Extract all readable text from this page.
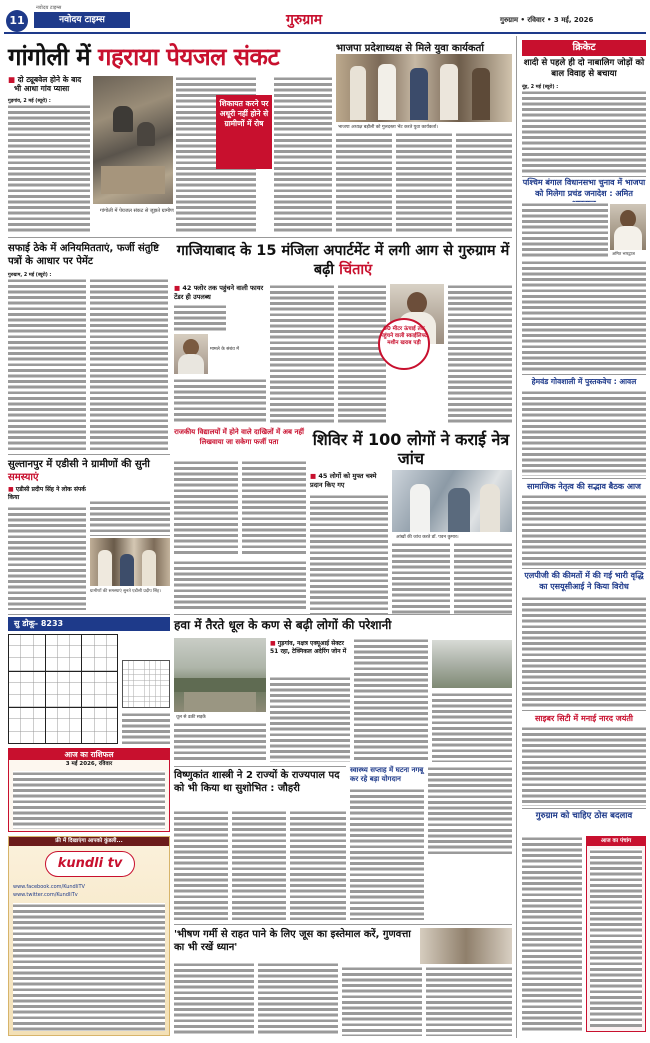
11
नवोदय टाइम्स
नवोदय टाइम्स	गुरुग्राम	गुरुग्राम • रविवार • 3 मई, 2026
गांगोली में गहराया पेयजल संकट
■ दो ट्यूबवेल होने के बाद
भी आधा गांव प्यासा
गुड़गांव, 2 मई (ब्यूरो) :
गांगोली में पेयजल संकट से जूझते ग्रामीण
शिकायत करने पर अधूरी नहीं होने से ग्रामीणों में रोष
भाजपा प्रदेशाध्यक्ष से मिले युवा कार्यकर्ता
भाजपा अध्यक्ष बड़ौली को गुलदस्ता भेंट करते युवा कार्यकर्ता।
क्रिकेट
शादी से पहले ही दो नाबालिग जोड़ों को बाल विवाह से बचाया
नूंह, 2 मई (ब्यूरो) :
पश्चिम बंगाल विधानसभा चुनाव में भाजपा को मिलेगा प्रचंड जनादेश : अमित
अमित भारद्वाज
हेमवंड गोवशाली में पुस्तकवेच : आवल
सामाजिक नेतृत्व की सद्भाव बैठक आज
एलपीजी की कीमतों में की गई भारी वृद्धि का एसयूसीआई ने किया विरोध
साइबर सिटी में मनाई नारद जयंती
गुरुग्राम को चाहिए ठोस बदलाव
आज का पंचांग
सफाई ठेके में अनियमितताएं, फर्जी संतुष्टि पत्रों के आधार पर पेमेंट
गुरुग्राम, 2 मई (ब्यूरो) :
गाजियाबाद के 15 मंजिला अपार्टमेंट में लगी आग से गुरुग्राम में बढ़ी चिंताएं
■ 42 फ्लोर तक पहुंचने वाली फायर टेंडर ही उपलब्ध
मामले के संबंध में
60 मीटर ऊंचाई तक पहुंचने वाली स्काईलिफ्ट मशीन खराब पड़ी
राजकीय विद्यालयों में होने वाले दाखिलों में अब नहीं लिखवाया जा सकेगा फर्जी पता	शिविर में 100 लोगों ने कराई नेत्र जांच
■ 45 लोगों को मुफ्त चश्मे प्रदान किए गए
आंखों की जांच करते डॉ. पवन कुमार।
सुल्तानपुर में एडीसी ने ग्रामीणों की सुनी समस्याएं
■ एडीसी प्रदीप सिंह ने लोक संपर्क किया
ग्रामीणों की समस्याएं सुनते एडीसी प्रदीप सिंह।
सु डोकू- 8233	हवा में तैरते धूल के कण से बढ़ी लोगों की परेशानी
धूल से ढकी सड़कें
■ गुड़गांव, नक्षत्र एक्यूआई सेक्टर 51 रहा, टेक्निकल अदेरिंग जोन में
आज का राशिफल
3 मई 2026, रविवार
विष्णुकांत शास्त्री ने 2 राज्यों के राज्यपाल पद को भी किया था सुशोभित : जौहरी
स्वास्थ्य सप्ताह में घटना नगबू कर रहे बड़ा योगदान
फ्री में दिखाएंगा आपको कुंडली...
kundli tv
www.facebook.com/KundliTV
www.twitter.com/KundliTv
'भीषण गर्मी से राहत पाने के लिए जूस का इस्तेमाल करें, गुणवत्ता का भी रखें ध्यान'
